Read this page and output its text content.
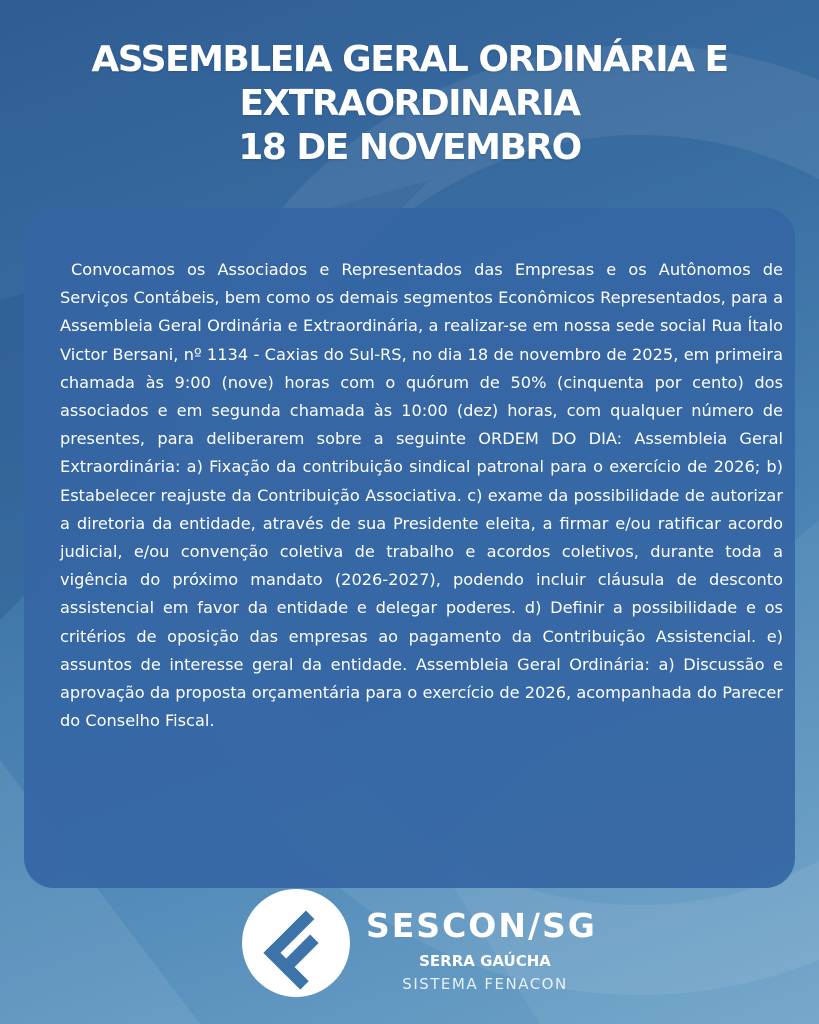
ASSEMBLEIA GERAL ORDINÁRIA E
EXTRAORDINARIA
18 DE NOVEMBRO
Convocamos os Associados e Representados das Empresas e os Autônomos de Serviços Contábeis, bem como os demais segmentos Econômicos Representados, para a Assembleia Geral Ordinária e Extraordinária, a realizar-se em nossa sede social Rua Ítalo Victor Bersani, nº 1134 - Caxias do Sul-RS, no dia 18 de novembro de 2025, em primeira chamada às 9:00 (nove) horas com o quórum de 50% (cinquenta por cento) dos associados e em segunda chamada às 10:00 (dez) horas, com qualquer número de presentes, para deliberarem sobre a seguinte ORDEM DO DIA: Assembleia Geral Extraordinária: a) Fixação da contribuição sindical patronal para o exercício de 2026; b) Estabelecer reajuste da Contribuição Associativa. c) exame da possibilidade de autorizar a diretoria da entidade, através de sua Presidente eleita, a firmar e/ou ratificar acordo judicial, e/ou convenção coletiva de trabalho e acordos coletivos, durante toda a vigência do próximo mandato (2026-2027), podendo incluir cláusula de desconto assistencial em favor da entidade e delegar poderes. d) Definir a possibilidade e os critérios de oposição das empresas ao pagamento da Contribuição Assistencial. e) assuntos de interesse geral da entidade. Assembleia Geral Ordinária: a) Discussão e aprovação da proposta orçamentária para o exercício de 2026, acompanhada do Parecer do Conselho Fiscal.
SESCON/SG
SERRA GAÚCHA
SISTEMA FENACON
